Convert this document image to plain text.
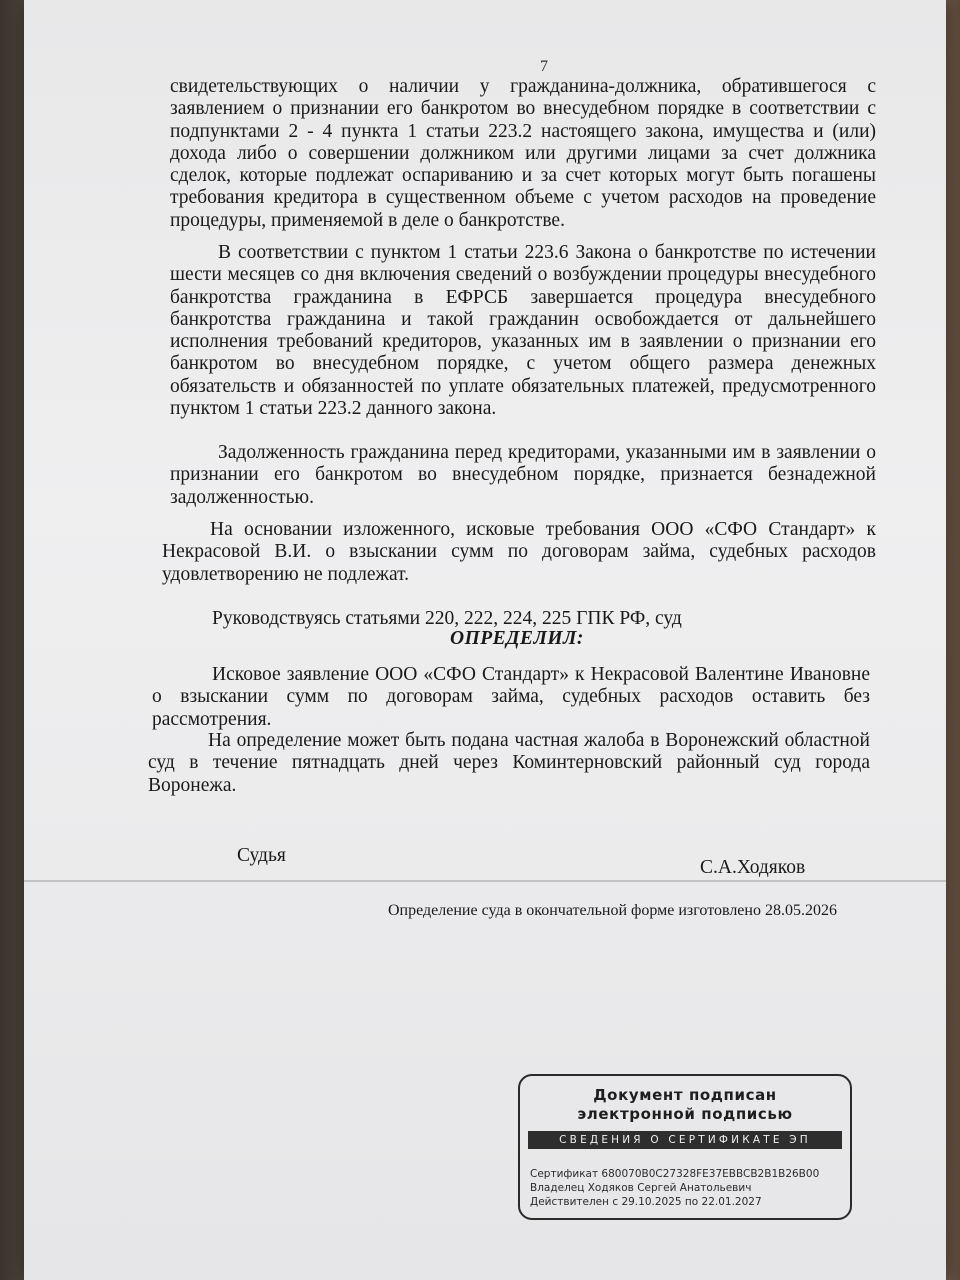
7

свидетельствующих о наличии у гражданина-должника, обратившегося с заявлением о признании его банкротом во внесудебном порядке в соответствии с подпунктами 2 - 4 пункта 1 статьи 223.2 настоящего закона, имущества и (или) дохода либо о совершении должником или другими лицами за счет должника сделок, которые подлежат оспариванию и за счет которых могут быть погашены требования кредитора в существенном объеме с учетом расходов на проведение процедуры, применяемой в деле о банкротстве.

В соответствии с пунктом 1 статьи 223.6 Закона о банкротстве по истечении шести месяцев со дня включения сведений о возбуждении процедуры внесудебного банкротства гражданина в ЕФРСБ завершается процедура внесудебного банкротства гражданина и такой гражданин освобождается от дальнейшего исполнения требований кредиторов, указанных им в заявлении о признании его банкротом во внесудебном порядке, с учетом общего размера денежных обязательств и обязанностей по уплате обязательных платежей, предусмотренного пунктом 1 статьи 223.2 данного закона.

Задолженность гражданина перед кредиторами, указанными им в заявлении о признании его банкротом во внесудебном порядке, признается безнадежной задолженностью.

На основании изложенного, исковые требования ООО «СФО Стандарт» к Некрасовой В.И. о взыскании сумм по договорам займа, судебных расходов удовлетворению не подлежат.

Руководствуясь статьями 220, 222, 224, 225 ГПК РФ, суд
ОПРЕДЕЛИЛ:

Исковое заявление ООО «СФО Стандарт» к Некрасовой Валентине Ивановне о взыскании сумм по договорам займа, судебных расходов оставить без рассмотрения.

На определение может быть подана частная жалоба в Воронежский областной суд в течение пятнадцать дней через Коминтерновский районный суд города Воронежа.

Судья
С.А.Ходяков
Определение суда в окончательной форме изготовлено 28.05.2026
Документ подписан
электронной подписью
СВЕДЕНИЯ О СЕРТИФИКАТЕ ЭП
Сертификат 680070B0C27328FE37EBBCB2B1B26B00
Владелец Ходяков Сергей Анатольевич
Действителен с 29.10.2025 по 22.01.2027
